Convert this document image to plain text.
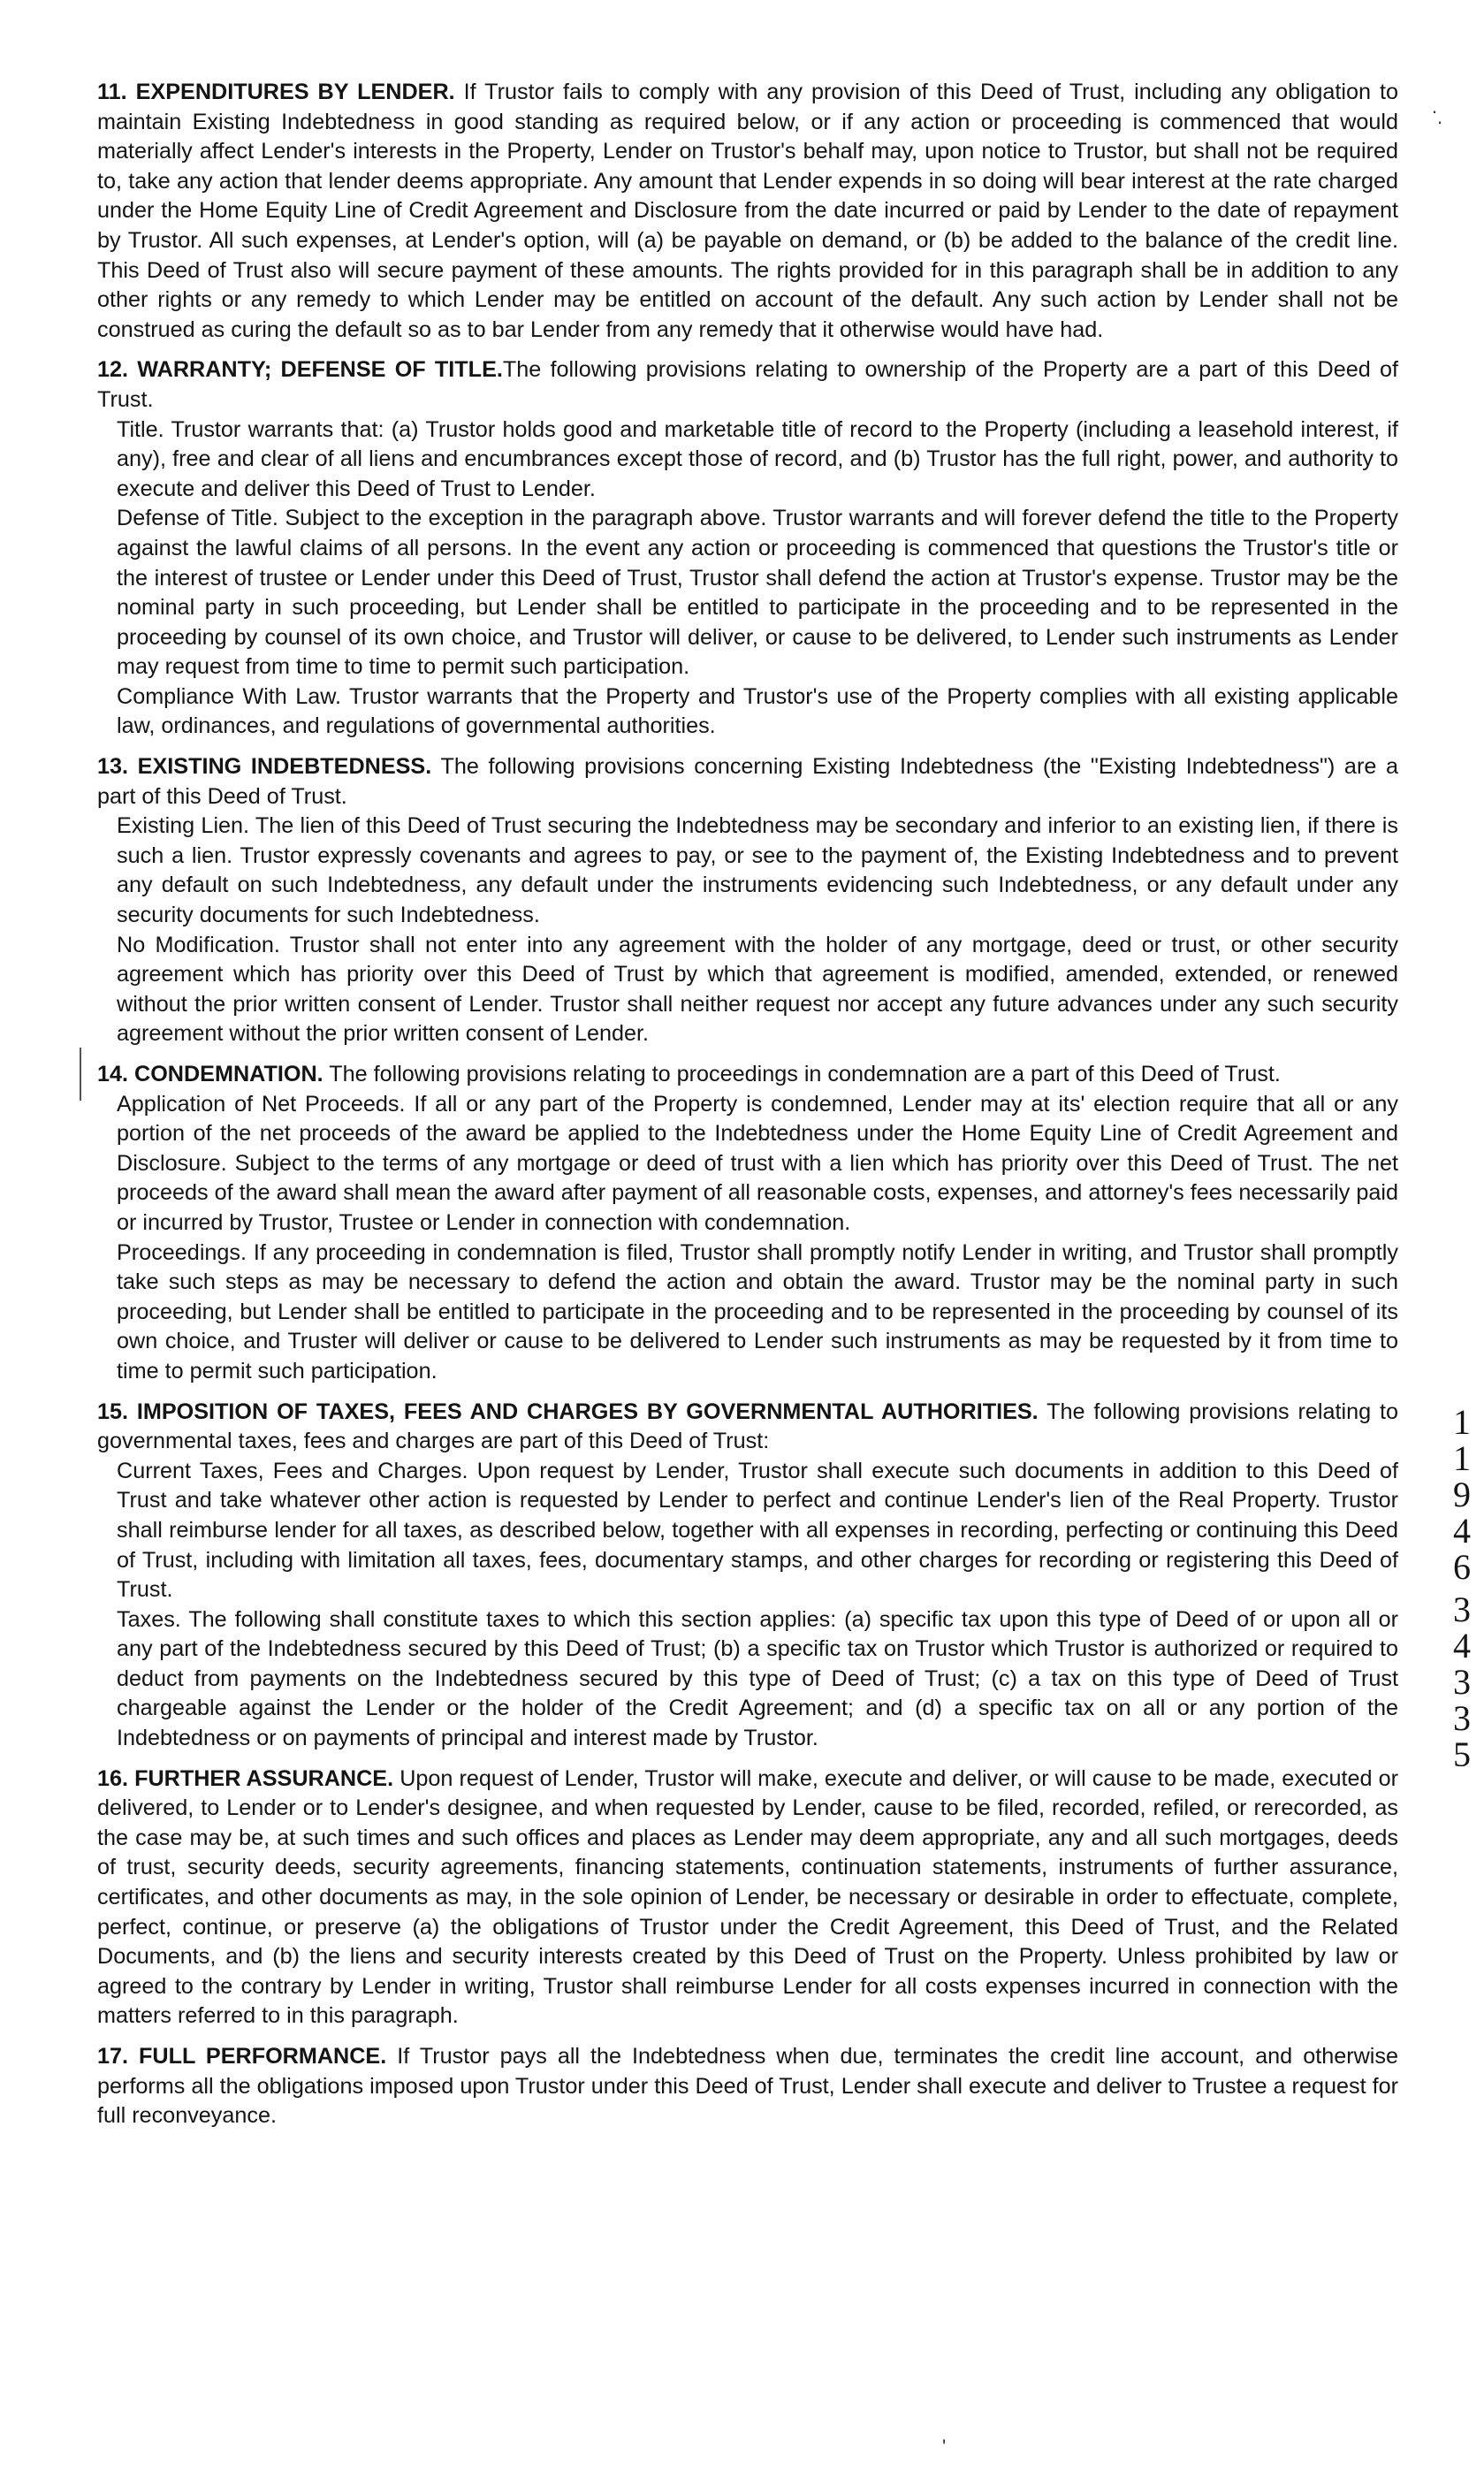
11. EXPENDITURES BY LENDER. If Trustor fails to comply with any provision of this Deed of Trust, including any obligation to maintain Existing Indebtedness in good standing as required below, or if any action or proceeding is commenced that would materially affect Lender's interests in the Property, Lender on Trustor's behalf may, upon notice to Trustor, but shall not be required to, take any action that lender deems appropriate. Any amount that Lender expends in so doing will bear interest at the rate charged under the Home Equity Line of Credit Agreement and Disclosure from the date incurred or paid by Lender to the date of repayment by Trustor. All such expenses, at Lender's option, will (a) be payable on demand, or (b) be added to the balance of the credit line. This Deed of Trust also will secure payment of these amounts. The rights provided for in this paragraph shall be in addition to any other rights or any remedy to which Lender may be entitled on account of the default. Any such action by Lender shall not be construed as curing the default so as to bar Lender from any remedy that it otherwise would have had.

12. WARRANTY; DEFENSE OF TITLE.The following provisions relating to ownership of the Property are a part of this Deed of Trust.

Title. Trustor warrants that: (a) Trustor holds good and marketable title of record to the Property (including a leasehold interest, if any), free and clear of all liens and encumbrances except those of record, and (b) Trustor has the full right, power, and authority to execute and deliver this Deed of Trust to Lender.

Defense of Title. Subject to the exception in the paragraph above. Trustor warrants and will forever defend the title to the Property against the lawful claims of all persons. In the event any action or proceeding is commenced that questions the Trustor's title or the interest of trustee or Lender under this Deed of Trust, Trustor shall defend the action at Trustor's expense. Trustor may be the nominal party in such proceeding, but Lender shall be entitled to participate in the proceeding and to be represented in the proceeding by counsel of its own choice, and Trustor will deliver, or cause to be delivered, to Lender such instruments as Lender may request from time to time to permit such participation.

Compliance With Law. Trustor warrants that the Property and Trustor's use of the Property complies with all existing applicable law, ordinances, and regulations of governmental authorities.

13. EXISTING INDEBTEDNESS. The following provisions concerning Existing Indebtedness (the "Existing Indebtedness") are a part of this Deed of Trust.

Existing Lien. The lien of this Deed of Trust securing the Indebtedness may be secondary and inferior to an existing lien, if there is such a lien. Trustor expressly covenants and agrees to pay, or see to the payment of, the Existing Indebtedness and to prevent any default on such Indebtedness, any default under the instruments evidencing such Indebtedness, or any default under any security documents for such Indebtedness.

No Modification. Trustor shall not enter into any agreement with the holder of any mortgage, deed or trust, or other security agreement which has priority over this Deed of Trust by which that agreement is modified, amended, extended, or renewed without the prior written consent of Lender. Trustor shall neither request nor accept any future advances under any such security agreement without the prior written consent of Lender.

14. CONDEMNATION. The following provisions relating to proceedings in condemnation are a part of this Deed of Trust.

Application of Net Proceeds. If all or any part of the Property is condemned, Lender may at its' election require that all or any portion of the net proceeds of the award be applied to the Indebtedness under the Home Equity Line of Credit Agreement and Disclosure. Subject to the terms of any mortgage or deed of trust with a lien which has priority over this Deed of Trust. The net proceeds of the award shall mean the award after payment of all reasonable costs, expenses, and attorney's fees necessarily paid or incurred by Trustor, Trustee or Lender in connection with condemnation.

Proceedings. If any proceeding in condemnation is filed, Trustor shall promptly notify Lender in writing, and Trustor shall promptly take such steps as may be necessary to defend the action and obtain the award. Trustor may be the nominal party in such proceeding, but Lender shall be entitled to participate in the proceeding and to be represented in the proceeding by counsel of its own choice, and Truster will deliver or cause to be delivered to Lender such instruments as may be requested by it from time to time to permit such participation.

15. IMPOSITION OF TAXES, FEES AND CHARGES BY GOVERNMENTAL AUTHORITIES. The following provisions relating to governmental taxes, fees and charges are part of this Deed of Trust:

Current Taxes, Fees and Charges. Upon request by Lender, Trustor shall execute such documents in addition to this Deed of Trust and take whatever other action is requested by Lender to perfect and continue Lender's lien of the Real Property. Trustor shall reimburse lender for all taxes, as described below, together with all expenses in recording, perfecting or continuing this Deed of Trust, including with limitation all taxes, fees, documentary stamps, and other charges for recording or registering this Deed of Trust.

Taxes. The following shall constitute taxes to which this section applies: (a) specific tax upon this type of Deed of or upon all or any part of the Indebtedness secured by this Deed of Trust; (b) a specific tax on Trustor which Trustor is authorized or required to deduct from payments on the Indebtedness secured by this type of Deed of Trust; (c) a tax on this type of Deed of Trust chargeable against the Lender or the holder of the Credit Agreement; and (d) a specific tax on all or any portion of the Indebtedness or on payments of principal and interest made by Trustor.

16. FURTHER ASSURANCE. Upon request of Lender, Trustor will make, execute and deliver, or will cause to be made, executed or delivered, to Lender or to Lender's designee, and when requested by Lender, cause to be filed, recorded, refiled, or rerecorded, as the case may be, at such times and such offices and places as Lender may deem appropriate, any and all such mortgages, deeds of trust, security deeds, security agreements, financing statements, continuation statements, instruments of further assurance, certificates, and other documents as may, in the sole opinion of Lender, be necessary or desirable in order to effectuate, complete, perfect, continue, or preserve (a) the obligations of Trustor under the Credit Agreement, this Deed of Trust, and the Related Documents, and (b) the liens and security interests created by this Deed of Trust on the Property. Unless prohibited by law or agreed to the contrary by Lender in writing, Trustor shall reimburse Lender for all costs expenses incurred in connection with the matters referred to in this paragraph.

17. FULL PERFORMANCE. If Trustor pays all the Indebtedness when due, terminates the credit line account, and otherwise performs all the obligations imposed upon Trustor under this Deed of Trust, Lender shall execute and deliver to Trustee a request for full reconveyance.

1
1
9
4
6
3
4
3
3
5
. .
'
